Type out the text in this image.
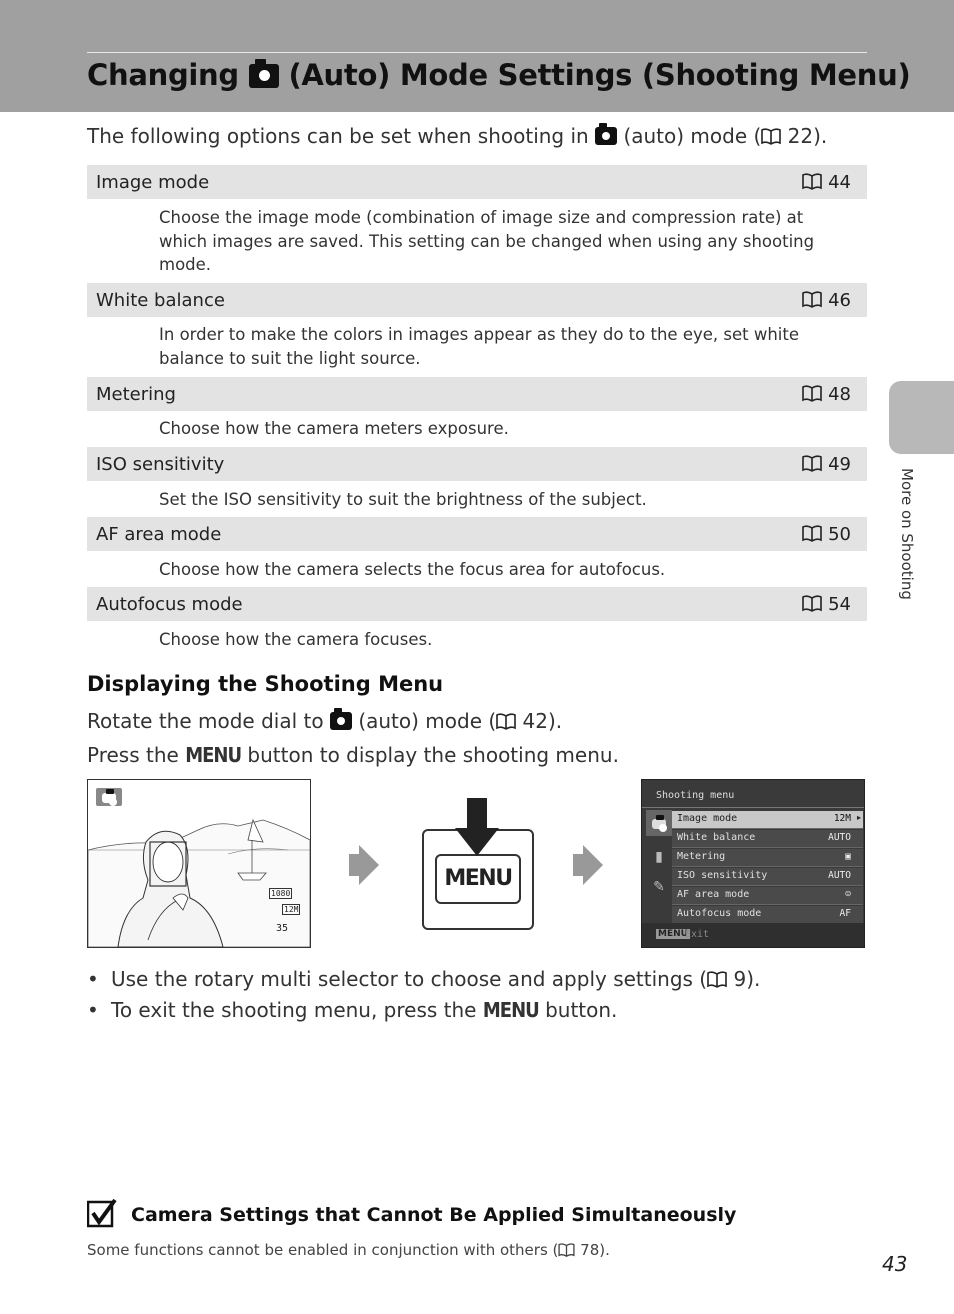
Changing (Auto) Mode Settings (Shooting Menu)
The following options can be set when shooting in (auto) mode ( 22).
Image mode	44
Choose the image mode (combination of image size and compression rate) at which images are saved. This setting can be changed when using any shooting mode.
White balance	46
In order to make the colors in images appear as they do to the eye, set white balance to suit the light source.
Metering	48
Choose how the camera meters exposure.
ISO sensitivity	49
Set the ISO sensitivity to suit the brightness of the subject.
AF area mode	50
Choose how the camera selects the focus area for autofocus.
Autofocus mode	54
Choose how the camera focuses.
Displaying the Shooting Menu
Rotate the mode dial to (auto) mode ( 42).
Press the MENU button to display the shooting menu.
1080
12M
35
MENU
Shooting menu
▮
✎
Image mode	12M ▸
White balance	AUTO
Metering	▣
ISO sensitivity	AUTO
AF area mode	☺
Autofocus mode	AF
MENU
Exit
• Use the rotary multi selector to choose and apply settings ( 9).
• To exit the shooting menu, press the MENU button.
Camera Settings that Cannot Be Applied Simultaneously
Some functions cannot be enabled in conjunction with others ( 78).
More on Shooting
43
